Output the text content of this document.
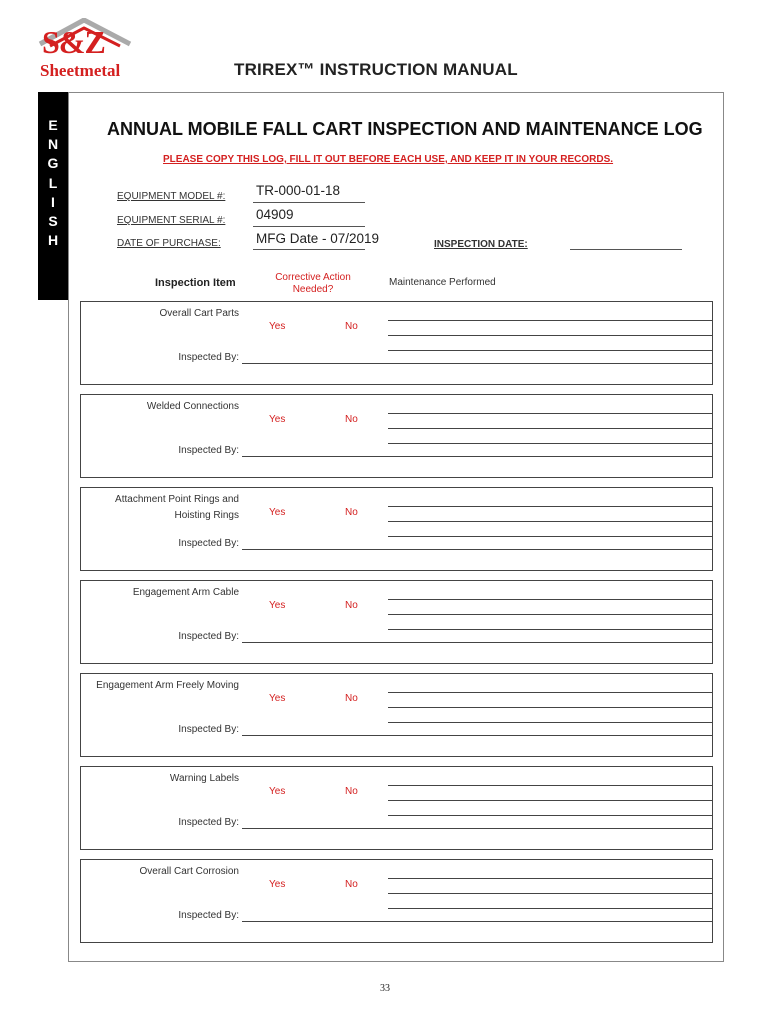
S&Z
Sheetmetal	TRIREX™ INSTRUCTION MANUAL
E
N
G
L
I
S
H
ANNUAL MOBILE FALL CART INSPECTION AND MAINTENANCE LOG
PLEASE COPY THIS LOG, FILL IT OUT BEFORE EACH USE, AND KEEP IT IN YOUR RECORDS.
EQUIPMENT MODEL #: TR-000-01-18
EQUIPMENT SERIAL #: 04909
DATE OF PURCHASE:	MFG Date - 07/2019	INSPECTION DATE:
Inspection Item	Corrective Action
Needed?
Maintenance Performed
Overall Cart Parts
Yes	No
Inspected By:
Welded Connections
Yes	No
Inspected By:
Attachment Point Rings and
Hoisting Rings	Yes	No
Inspected By:
Engagement Arm Cable
Yes	No
Inspected By:
Engagement Arm Freely Moving
Yes	No
Inspected By:
Warning Labels
Yes	No
Inspected By:
Overall Cart Corrosion
Yes	No
Inspected By:
33
